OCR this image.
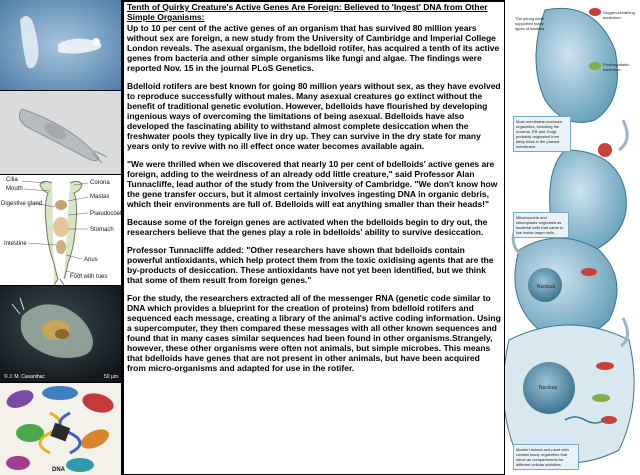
Cilia	Corona
Mouth
Mastax
Digestive gland
Pseudocoel
Stomach
Intestine
Anus
Foot with toes
© J. M. Cavanihac	50 µm
DNA
Tenth of Quirky Creature's Active Genes Are Foreign: Believed to 'Ingest' DNA from Other Simple Organisms:

Up to 10 per cent of the active genes of an organism that has survived 80 million years without sex are foreign, a new study from the University of Cambridge and Imperial College London reveals. The asexual organism, the bdelloid rotifer, has acquired a tenth of its active genes from bacteria and other simple organisms like fungi and algae. The findings were reported Nov. 15 in the journal PLoS Genetics.

Bdelloid rotifers are best known for going 80 million years without sex, as they have evolved to reproduce successfully without males. Many asexual creatures go extinct without the benefit of traditional genetic evolution. However, bdelloids have flourished by developing ingenious ways of overcoming the limitations of being asexual. Bdelloids have also developed the fascinating ability to withstand almost complete desiccation when the freshwater pools they typically live in dry up. They can survive in the dry state for many years only to revive with no ill effect once water becomes available again.

"We were thrilled when we discovered that nearly 10 per cent of bdelloids' active genes are foreign, adding to the weirdness of an already odd little creature," said Professor Alan Tunnacliffe, lead author of the study from the University of Cambridge. "We don't know how the gene transfer occurs, but it almost certainly involves ingesting DNA in organic debris, which their environments are full of. Bdelloids will eat anything smaller than their heads!"

Because some of the foreign genes are activated when the bdelloids begin to dry out, the researchers believe that the genes play a role in bdelloids' ability to survive desiccation.

Professor Tunnacliffe added: "Other researchers have shown that bdelloids contain powerful antioxidants, which help protect them from the toxic oxidising agents that are the by-products of desiccation. These antioxidants have not yet been identified, but we think that some of them result from foreign genes."

For the study, the researchers extracted all of the messenger RNA (genetic code similar to DNA which provides a blueprint for the creation of proteins) from bdelloid rotifers and sequenced each message, creating a library of the animal's active coding information. Using a supercomputer, they then compared these messages with all other known sequences and found that in many cases similar sequences had been found in other organisms.Strangely, however, these other organisms were often not animals, but simple microbes. This means that bdelloids have genes that are not present in other animals, but have been acquired from micro-organisms and adapted for use in the rotifer.

The young earth supported many types of bacteria
Oxygen-breathing bacterium
Photosynthetic bacterium
Most membrane-enclosed organelles, including the nucleus, ER and Golgi, probably originated from deep folds in the plasma membrane.
Mitochondria and chloroplasts originated as bacterial cells that came to live inside larger cells.
Nucleus
Nucleus
Modern animal and plant cells contain many organelles that serve as compartments for different cellular activities.
